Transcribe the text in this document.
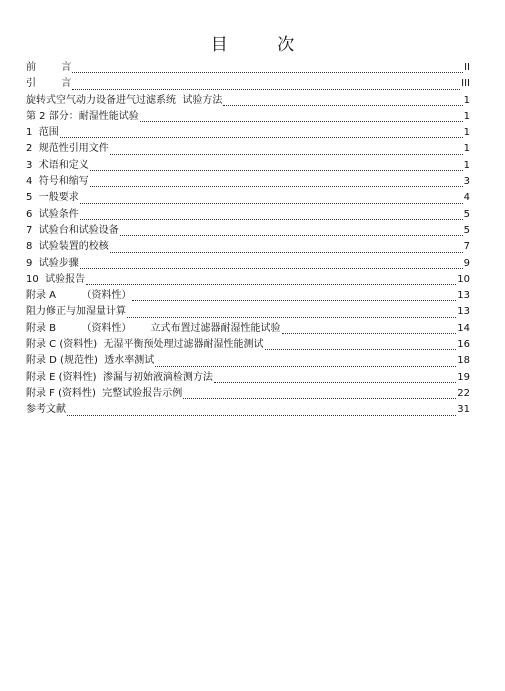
目 次
前        言	II
引        言	III
旋转式空气动力设备进气过滤系统  试验方法	1
第 2 部分：耐湿性能试验	1
1  范围	1
2  规范性引用文件	1
3  术语和定义	1
4  符号和缩写	3
5  一般要求	4
6  试验条件	5
7  试验台和试验设备	5
8  试验装置的校核	7
9  试验步骤	9
10  试验报告	10
附录 A        （资料性）	13
阻力修正与加湿量计算	13
附录 B        （资料性）      立式布置过滤器耐湿性能试验	14
附录 C (资料性)  无湿平衡预处理过滤器耐湿性能测试	16
附录 D (规范性)  透水率测试	18
附录 E (资料性)  渗漏与初始液滴检测方法	19
附录 F (资料性)  完整试验报告示例	22
参考文献	31
